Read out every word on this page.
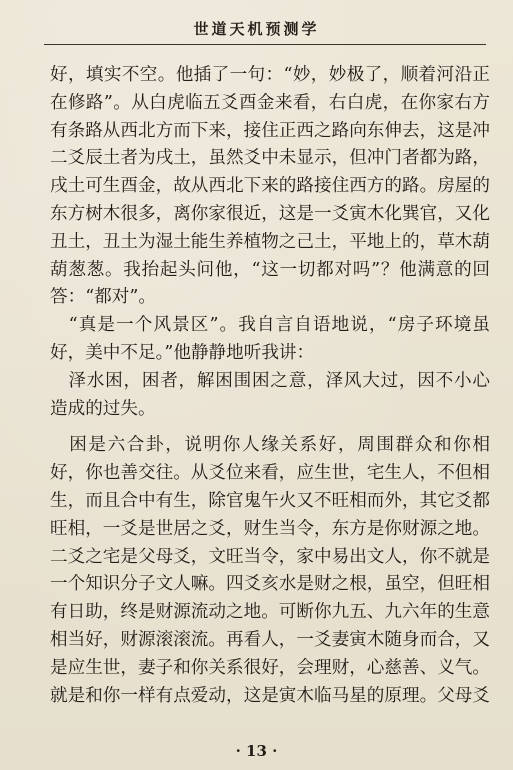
世道天机预测学
好，填实不空。他插了一句：“妙，妙极了，顺着河沿正
在修路”。从白虎临五爻酉金来看，右白虎，在你家右方
有条路从西北方而下来，接住正西之路向东伸去，这是冲
二爻辰土者为戌土，虽然爻中未显示，但冲门者都为路，
戌土可生酉金，故从西北下来的路接住西方的路。房屋的
东方树木很多，离你家很近，这是一爻寅木化巽官，又化
丑土，丑土为湿土能生养植物之己土，平地上的，草木葫
葫葱葱。我抬起头问他，“这一切都对吗”？他满意的回
答：“都对”。
　“真是一个风景区”。我自言自语地说，“房子环境虽
好，美中不足。”他静静地听我讲：
　泽水困，困者，解困围困之意，泽风大过，因不小心
造成的过失。
　困是六合卦，说明你人缘关系好，周围群众和你相
好，你也善交往。从爻位来看，应生世，宅生人，不但相
生，而且合中有生，除官鬼午火又不旺相而外，其它爻都
旺相，一爻是世居之爻，财生当令，东方是你财源之地。
二爻之宅是父母爻，文旺当令，家中易出文人，你不就是
一个知识分子文人嘛。四爻亥水是财之根，虽空，但旺相
有日助，终是财源流动之地。可断你九五、九六年的生意
相当好，财源滚滚流。再看人，一爻妻寅木随身而合，又
是应生世，妻子和你关系很好，会理财，心慈善、义气。
就是和你一样有点爱动，这是寅木临马星的原理。父母爻
· 13 ·
